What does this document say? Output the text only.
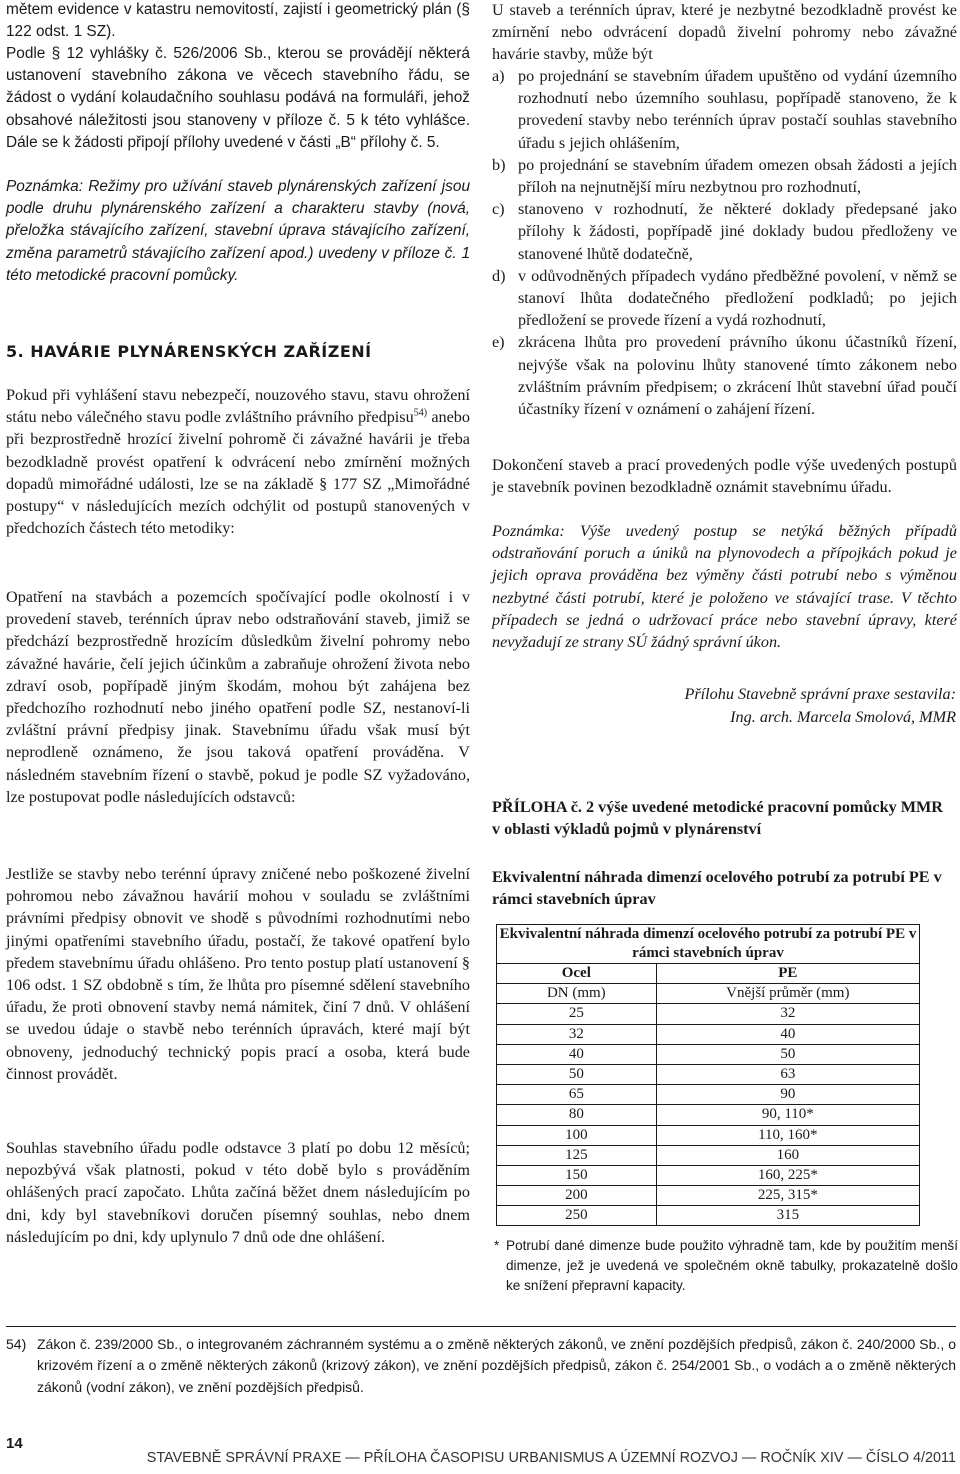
mětem evidence v katastru nemovitostí, zajistí i geometrický plán (§ 122 odst. 1 SZ).

Podle § 12 vyhlášky č. 526/2006 Sb., kterou se provádějí některá ustanovení stavebního zákona ve věcech stavebního řádu, se žádost o vydání kolaudačního souhlasu podává na formuláři, jehož obsahové náležitosti jsou stanoveny v příloze č. 5 k této vyhlášce. Dále se k žádosti připojí přílohy uvedené v části „B“ přílohy č. 5.

Poznámka: Režimy pro užívání staveb plynárenských zařízení jsou podle druhu plynárenského zařízení a charakteru stavby (nová, přeložka stávajícího zařízení, stavební úprava stávajícího zařízení, změna parametrů stávajícího zařízení apod.) uvedeny v příloze č. 1 této metodické pracovní pomůcky.

5. HAVÁRIE PLYNÁRENSKÝCH ZAŘÍZENÍ

Pokud při vyhlášení stavu nebezpečí, nouzového stavu, stavu ohrožení státu nebo válečného stavu podle zvláštního právního předpisu$^{54)}$ anebo při bezprostředně hrozící živelní pohromě či závažné havárii je třeba bezodkladně provést opatření k odvrácení nebo zmírnění možných dopadů mimořádné události, lze se na základě § 177 SZ „Mimořádné postupy“ v následujících mezích odchýlit od postupů stanovených v předchozích částech této metodiky:

Opatření na stavbách a pozemcích spočívající podle okolností i v provedení staveb, terénních úprav nebo odstraňování staveb, jimiž se předchází bezprostředně hrozícím důsledkům živelní pohromy nebo závažné havárie, čelí jejich účinkům a zabraňuje ohrožení života nebo zdraví osob, popřípadě jiným škodám, mohou být zahájena bez předchozího rozhodnutí nebo jiného opatření podle SZ, nestanoví-li zvláštní právní předpisy jinak. Stavebnímu úřadu však musí být neprodleně oznámeno, že jsou taková opatření prováděna. V následném stavebním řízení o stavbě, pokud je podle SZ vyžadováno, lze postupovat podle následujících odstavců:

Jestliže se stavby nebo terénní úpravy zničené nebo poškozené živelní pohromou nebo závažnou havárií mohou v souladu se zvláštními právními předpisy obnovit ve shodě s původními rozhodnutími nebo jinými opatřeními stavebního úřadu, postačí, že takové opatření bylo předem stavebnímu úřadu ohlášeno. Pro tento postup platí ustanovení § 106 odst. 1 SZ obdobně s tím, že lhůta pro písemné sdělení stavebního úřadu, že proti obnovení stavby nemá námitek, činí 7 dnů. V ohlášení se uvedou údaje o stavbě nebo terénních úpravách, které mají být obnoveny, jednoduchý technický popis prací a osoba, která bude činnost provádět.

Souhlas stavebního úřadu podle odstavce 3 platí po dobu 12 měsíců; nepozbývá však platnosti, pokud v této době bylo s prováděním ohlášených prací započato. Lhůta začíná běžet dnem následujícím po dni, kdy byl stavebníkovi doručen písemný souhlas, nebo dnem následujícím po dni, kdy uplynulo 7 dnů ode dne ohlášení.

U staveb a terénních úprav, které je nezbytné bezodkladně provést ke zmírnění nebo odvrácení dopadů živelní pohromy nebo závažné havárie stavby, může být

a) po projednání se stavebním úřadem upuštěno od vydání územního rozhodnutí nebo územního souhlasu, popřípadě stanoveno, že k provedení stavby nebo terénních úprav postačí souhlas stavebního úřadu s jejich ohlášením,
b) po projednání se stavebním úřadem omezen obsah žádosti a jejích příloh na nejnutnější míru nezbytnou pro rozhodnutí,
c) stanoveno v rozhodnutí, že některé doklady předepsané jako přílohy k žádosti, popřípadě jiné doklady budou předloženy ve stanovené lhůtě dodatečně,
d) v odůvodněných případech vydáno předběžné povolení, v němž se stanoví lhůta dodatečného předložení podkladů; po jejich předložení se provede řízení a vydá rozhodnutí,
e) zkrácena lhůta pro provedení právního úkonu účastníků řízení, nejvýše však na polovinu lhůty stanovené tímto zákonem nebo zvláštním právním předpisem; o zkrácení lhůt stavební úřad poučí účastníky řízení v oznámení o zahájení řízení.

Dokončení staveb a prací provedených podle výše uvedených postupů je stavebník povinen bezodkladně oznámit stavebnímu úřadu.

Poznámka: Výše uvedený postup se netýká běžných případů odstraňování poruch a úniků na plynovodech a přípojkách pokud je jejich oprava prováděna bez výměny části potrubí nebo s výměnou nezbytné části potrubí, které je položeno ve stávající trase. V těchto případech se jedná o udržovací práce nebo stavební úpravy, které nevyžadují ze strany SÚ žádný správní úkon.

Přílohu Stavebně správní praxe sestavila:
Ing. arch. Marcela Smolová, MMR

PŘÍLOHA č. 2 výše uvedené metodické pracovní pomůcky MMR v oblasti výkladů pojmů v plynárenství

Ekvivalentní náhrada dimenzí ocelového potrubí za potrubí PE v rámci stavebních úprav

Ekvivalentní náhrada dimenzí ocelového potrubí za potrubí PE v rámci stavebních úprav	
Ocel	PE
DN (mm)	Vnější průměr (mm)
25	32
32	40
40	50
50	63
65	90
80	90, 110*
100	110, 160*
125	160
150	160, 225*
200	225, 315*
250	315
* Potrubí dané dimenze bude použito výhradně tam, kde by použitím menší dimenze, jež je uvedená ve společném okně tabulky, prokazatelně došlo ke snížení přepravní kapacity.
54) Zákon č. 239/2000 Sb., o integrovaném záchranném systému a o změně některých zákonů, ve znění pozdějších předpisů, zákon č. 240/2000 Sb., o krizovém řízení a o změně některých zákonů (krizový zákon), ve znění pozdějších předpisů, zákon č. 254/2001 Sb., o vodách a o změně některých zákonů (vodní zákon), ve znění pozdějších předpisů.
14
STAVEBNĚ SPRÁVNÍ PRAXE — PŘÍLOHA ČASOPISU URBANISMUS A ÚZEMNÍ ROZVOJ — ROČNÍK XIV — ČÍSLO 4/2011
